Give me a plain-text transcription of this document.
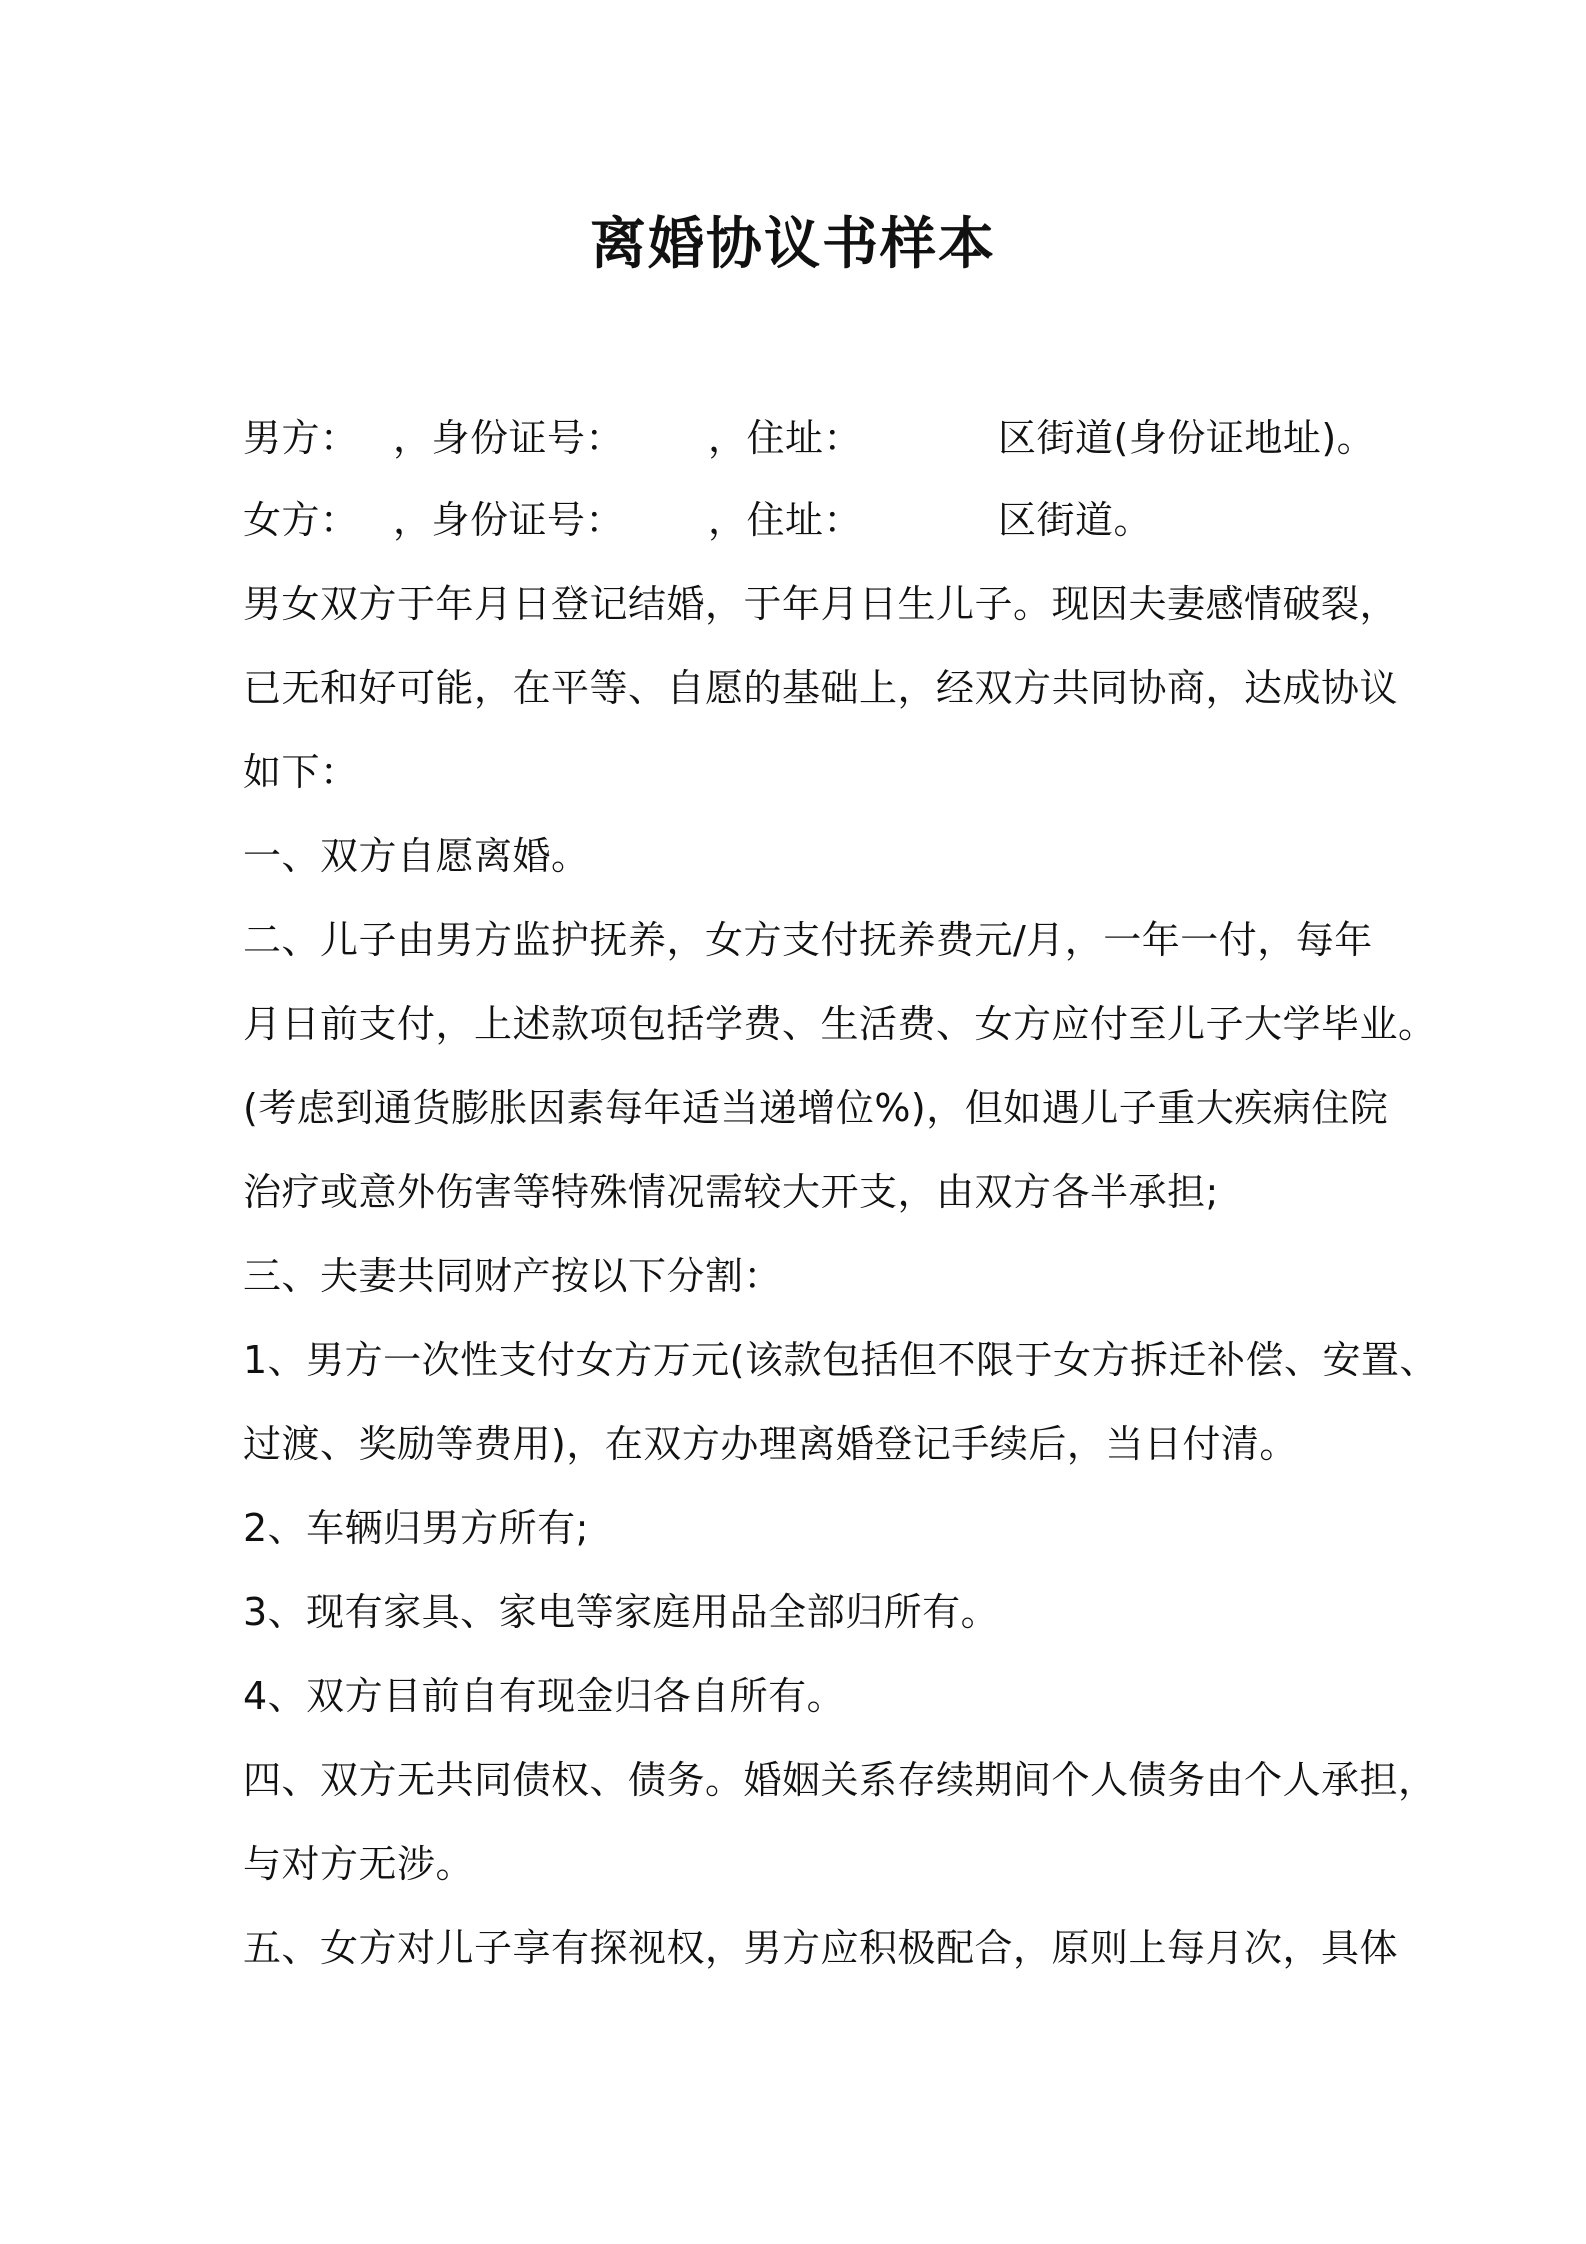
离婚协议书样本
男方： ，身份证号： ，住址：	区街道(身份证地址)。
女方： ，身份证号： ，住址：	区街道。
男女双方于年月日登记结婚，于年月日生儿子。现因夫妻感情破裂，
已无和好可能，在平等、自愿的基础上，经双方共同协商，达成协议
如下：
一、双方自愿离婚。
二、儿子由男方监护抚养，女方支付抚养费元/月，一年一付，每年
月日前支付，上述款项包括学费、生活费、女方应付至儿子大学毕业。
(考虑到通货膨胀因素每年适当递增位%)，但如遇儿子重大疾病住院
治疗或意外伤害等特殊情况需较大开支，由双方各半承担;
三、夫妻共同财产按以下分割：
1、男方一次性支付女方万元(该款包括但不限于女方拆迁补偿、安置、
过渡、奖励等费用)，在双方办理离婚登记手续后，当日付清。
2、车辆归男方所有;
3、现有家具、家电等家庭用品全部归所有。
4、双方目前自有现金归各自所有。
四、双方无共同债权、债务。婚姻关系存续期间个人债务由个人承担，
与对方无涉。
五、女方对儿子享有探视权，男方应积极配合，原则上每月次，具体
